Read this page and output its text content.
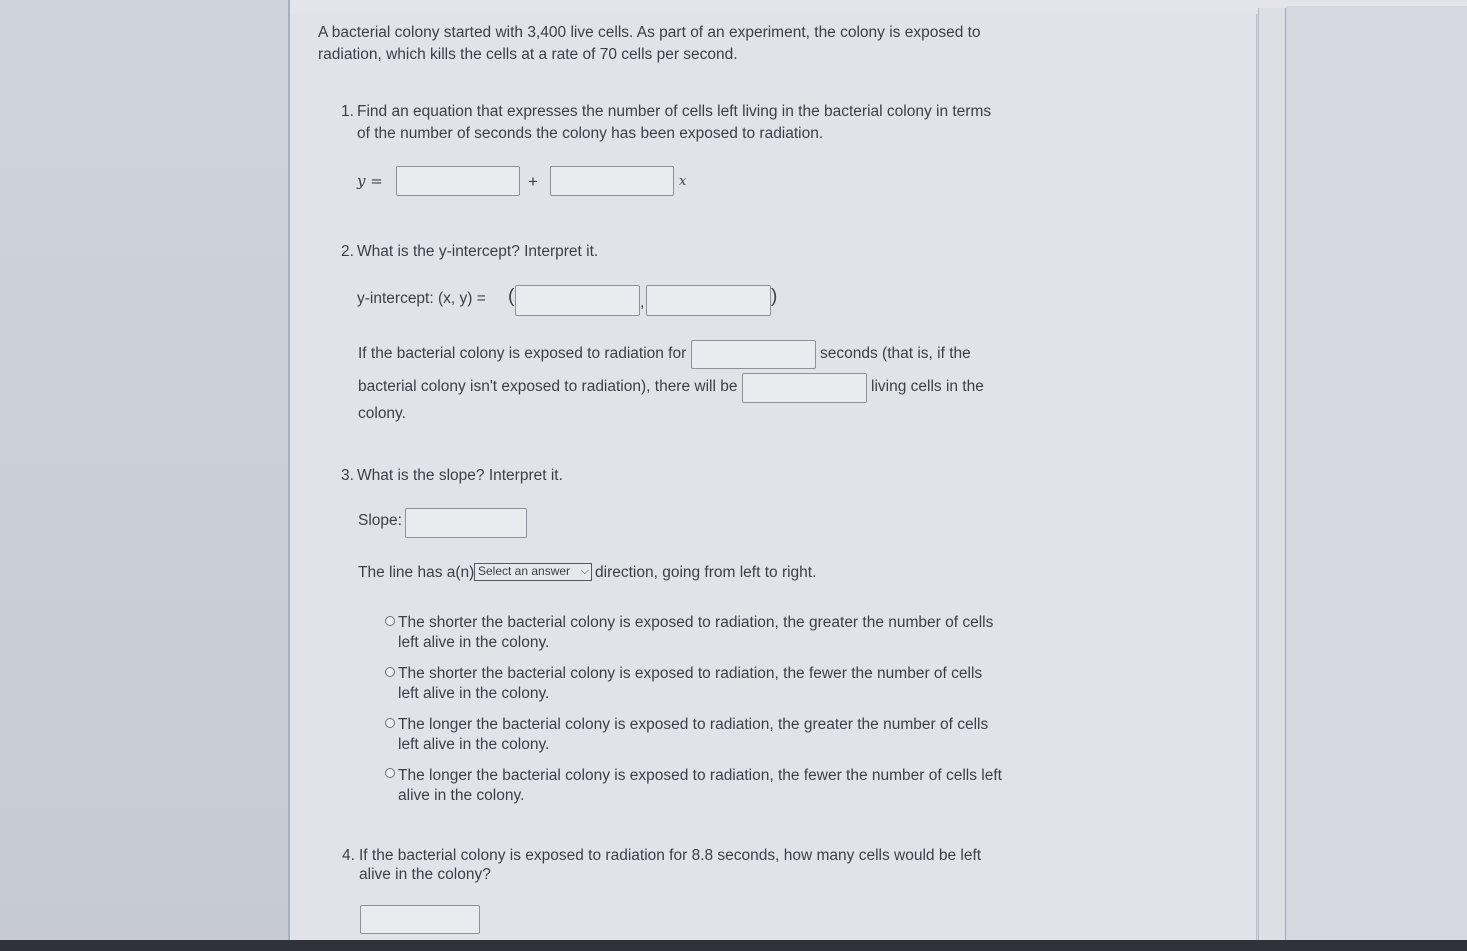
A bacterial colony started with 3,400 live cells. As part of an experiment, the colony is exposed to
radiation, which kills the cells at a rate of 70 cells per second.
1. Find an equation that expresses the number of cells left living in the bacterial colony in terms
of the number of seconds the colony has been exposed to radiation.
y =	+	x
2. What is the y-intercept? Interpret it.
y-intercept: (x, y) = (	,	)
If the bacterial colony is exposed to radiation for	seconds (that is, if the
bacterial colony isn't exposed to radiation), there will be	living cells in the
colony.
3. What is the slope? Interpret it.
Slope:
The line has a(n) Select an answer ⌵ direction, going from left to right.
The shorter the bacterial colony is exposed to radiation, the greater the number of cells
left alive in the colony.
The shorter the bacterial colony is exposed to radiation, the fewer the number of cells
left alive in the colony.
The longer the bacterial colony is exposed to radiation, the greater the number of cells
left alive in the colony.
The longer the bacterial colony is exposed to radiation, the fewer the number of cells left
alive in the colony.
4. If the bacterial colony is exposed to radiation for 8.8 seconds, how many cells would be left
alive in the colony?
